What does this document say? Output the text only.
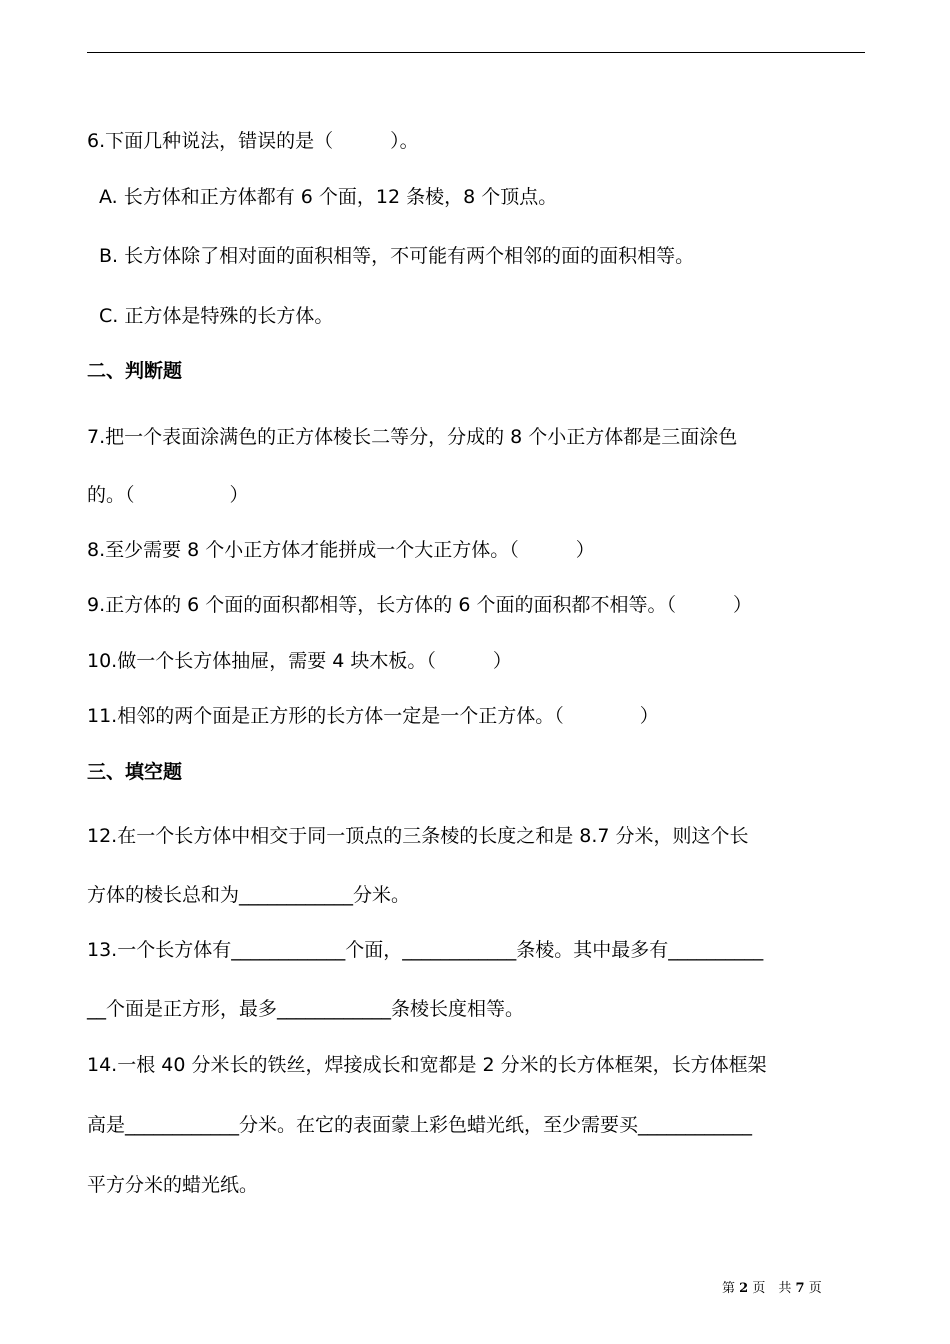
6.下面几种说法，错误的是（　　　）。
A. 长方体和正方体都有 6 个面，12 条棱，8 个顶点。
B. 长方体除了相对面的面积相等，不可能有两个相邻的面的面积相等。
C. 正方体是特殊的长方体。
二、判断题
7.把一个表面涂满色的正方体棱长二等分，分成的 8 个小正方体都是三面涂色
的。（　　　　　）
8.至少需要 8 个小正方体才能拼成一个大正方体。（　　　）
9.正方体的 6 个面的面积都相等，长方体的 6 个面的面积都不相等。（　　　）
10.做一个长方体抽屉，需要 4 块木板。（　　　）
11.相邻的两个面是正方形的长方体一定是一个正方体。（　　　　）
三、填空题
12.在一个长方体中相交于同一顶点的三条棱的长度之和是 8.7 分米，则这个长
方体的棱长总和为____________分米。
13.一个长方体有____________个面，____________条棱。其中最多有__________
__个面是正方形，最多____________条棱长度相等。
14.一根 40 分米长的铁丝，焊接成长和宽都是 2 分米的长方体框架，长方体框架
高是____________分米。在它的表面蒙上彩色蜡光纸，至少需要买____________
平方分米的蜡光纸。
第 2 页　共 7 页
